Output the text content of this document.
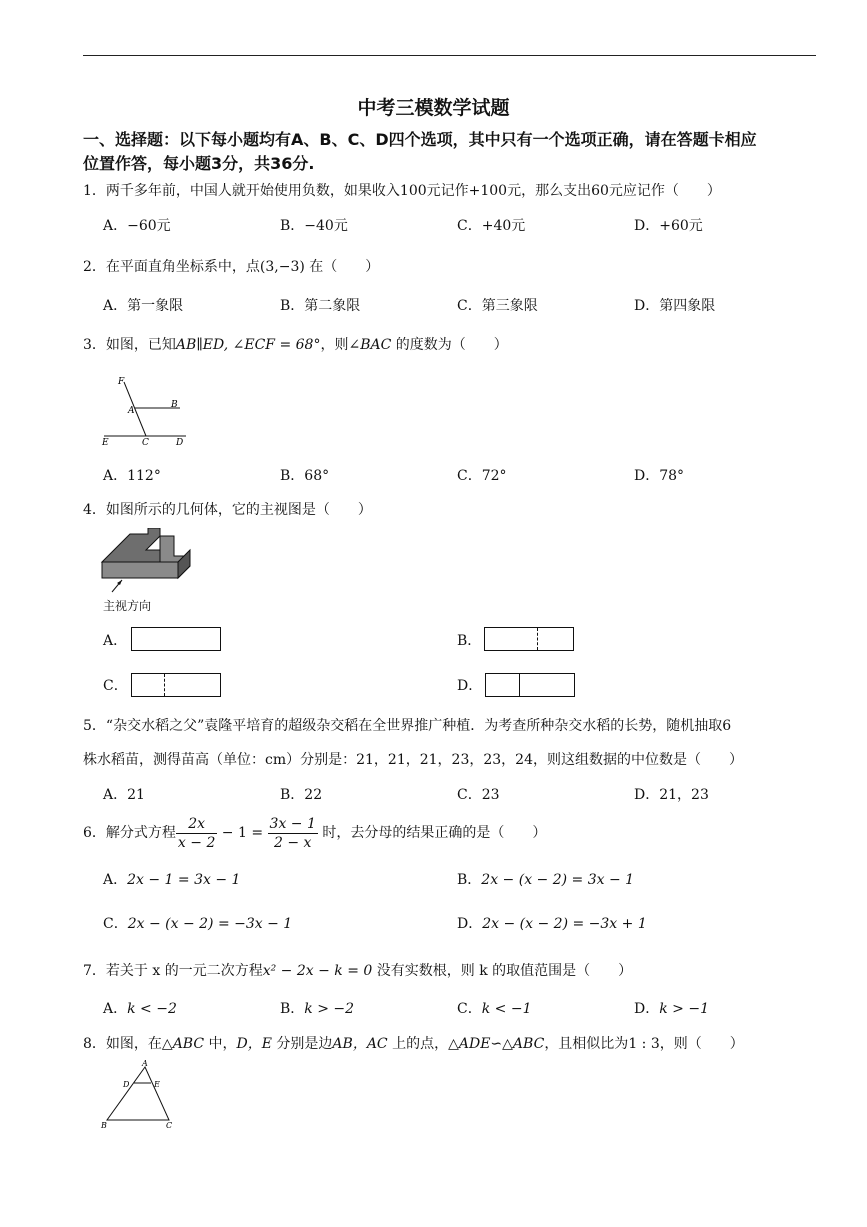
中考三模数学试题
一、选择题：以下每小题均有A、B、C、D四个选项，其中只有一个选项正确，请在答题卡相应
位置作答，每小题3分，共36分.
1．两千多年前，中国人就开始使用负数，如果收入100元记作+100元，那么支出60元应记作（　　）
A．−60元	B．−40元	C．+40元	D．+60元
2．在平面直角坐标系中，点(3,−3) 在（　　）
A．第一象限	B．第二象限	C．第三象限	D．第四象限
3．如图，已知AB∥ED, ∠ECF = 68°，则∠BAC 的度数为（　　）
F
A
B
E	C	D
A．112°	B．68°	C．72°	D．78°
4．如图所示的几何体，它的主视图是（　　）
主视方向
A．	B．
C．	D．
5．“杂交水稻之父”袁隆平培育的超级杂交稻在全世界推广种植．为考查所种杂交水稻的长势，随机抽取6
株水稻苗，测得苗高（单位：cm）分别是：21，21，21，23，23，24，则这组数据的中位数是（　　）
A．21	B．22	C．23	D．21，23
6．解分式方程 $\frac{2x}{x - 2} - 1 = \frac{3x - 1}{2 - x}$ 时，去分母的结果正确的是（　　）
A．2x − 1 = 3x − 1	B．2x − (x − 2) = 3x − 1
C．2x − (x − 2) = −3x − 1	D．2x − (x − 2) = −3x + 1
7．若关于 x 的一元二次方程x² − 2x − k = 0 没有实数根，则 k 的取值范围是（　　）
A．k < −2	B．k > −2	C．k < −1	D．k > −1
8．如图，在△ABC 中，D，E 分别是边AB，AC 上的点，△ADE∽△ABC，且相似比为1 : 3，则（　　）
A
D	E
B	C
